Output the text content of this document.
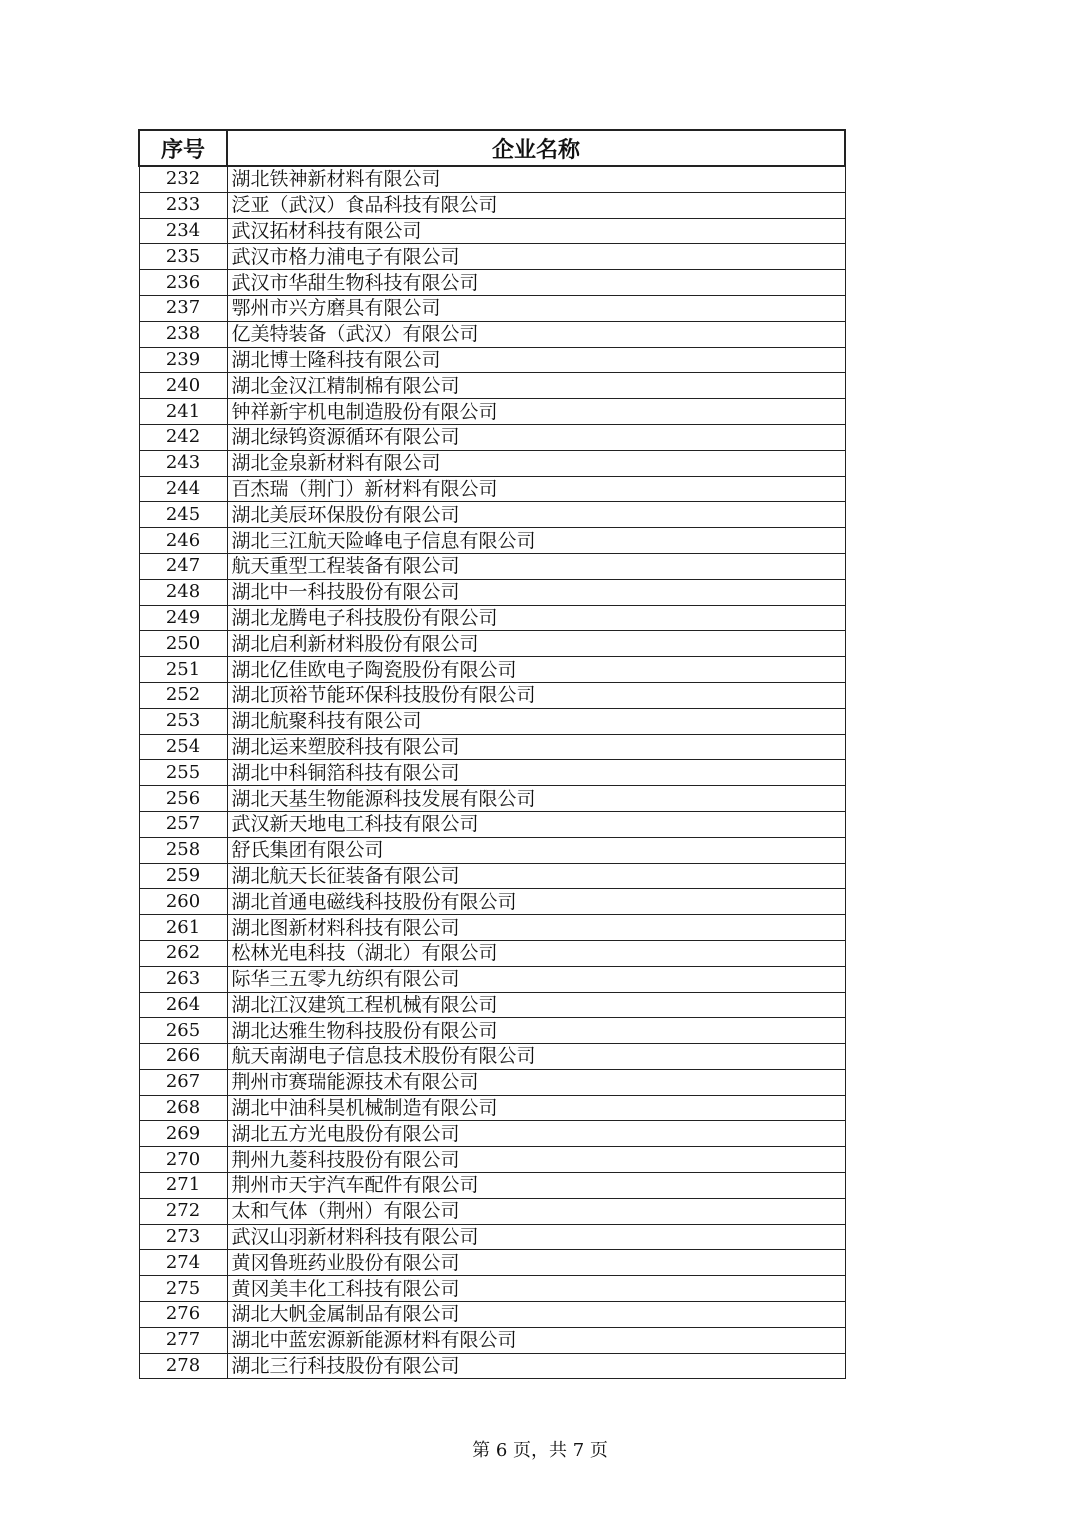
序号	企业名称
232	湖北铁神新材料有限公司
233	泛亚（武汉）食品科技有限公司
234	武汉拓材科技有限公司
235	武汉市格力浦电子有限公司
236	武汉市华甜生物科技有限公司
237	鄂州市兴方磨具有限公司
238	亿美特装备（武汉）有限公司
239	湖北博士隆科技有限公司
240	湖北金汉江精制棉有限公司
241	钟祥新宇机电制造股份有限公司
242	湖北绿钨资源循环有限公司
243	湖北金泉新材料有限公司
244	百杰瑞（荆门）新材料有限公司
245	湖北美辰环保股份有限公司
246	湖北三江航天险峰电子信息有限公司
247	航天重型工程装备有限公司
248	湖北中一科技股份有限公司
249	湖北龙腾电子科技股份有限公司
250	湖北启利新材料股份有限公司
251	湖北亿佳欧电子陶瓷股份有限公司
252	湖北顶裕节能环保科技股份有限公司
253	湖北航聚科技有限公司
254	湖北运来塑胶科技有限公司
255	湖北中科铜箔科技有限公司
256	湖北天基生物能源科技发展有限公司
257	武汉新天地电工科技有限公司
258	舒氏集团有限公司
259	湖北航天长征装备有限公司
260	湖北首通电磁线科技股份有限公司
261	湖北图新材料科技有限公司
262	松林光电科技（湖北）有限公司
263	际华三五零九纺织有限公司
264	湖北江汉建筑工程机械有限公司
265	湖北达雅生物科技股份有限公司
266	航天南湖电子信息技术股份有限公司
267	荆州市赛瑞能源技术有限公司
268	湖北中油科昊机械制造有限公司
269	湖北五方光电股份有限公司
270	荆州九菱科技股份有限公司
271	荆州市天宇汽车配件有限公司
272	太和气体（荆州）有限公司
273	武汉山羽新材料科技有限公司
274	黄冈鲁班药业股份有限公司
275	黄冈美丰化工科技有限公司
276	湖北大帆金属制品有限公司
277	湖北中蓝宏源新能源材料有限公司
278	湖北三行科技股份有限公司
第 6 页，共 7 页
